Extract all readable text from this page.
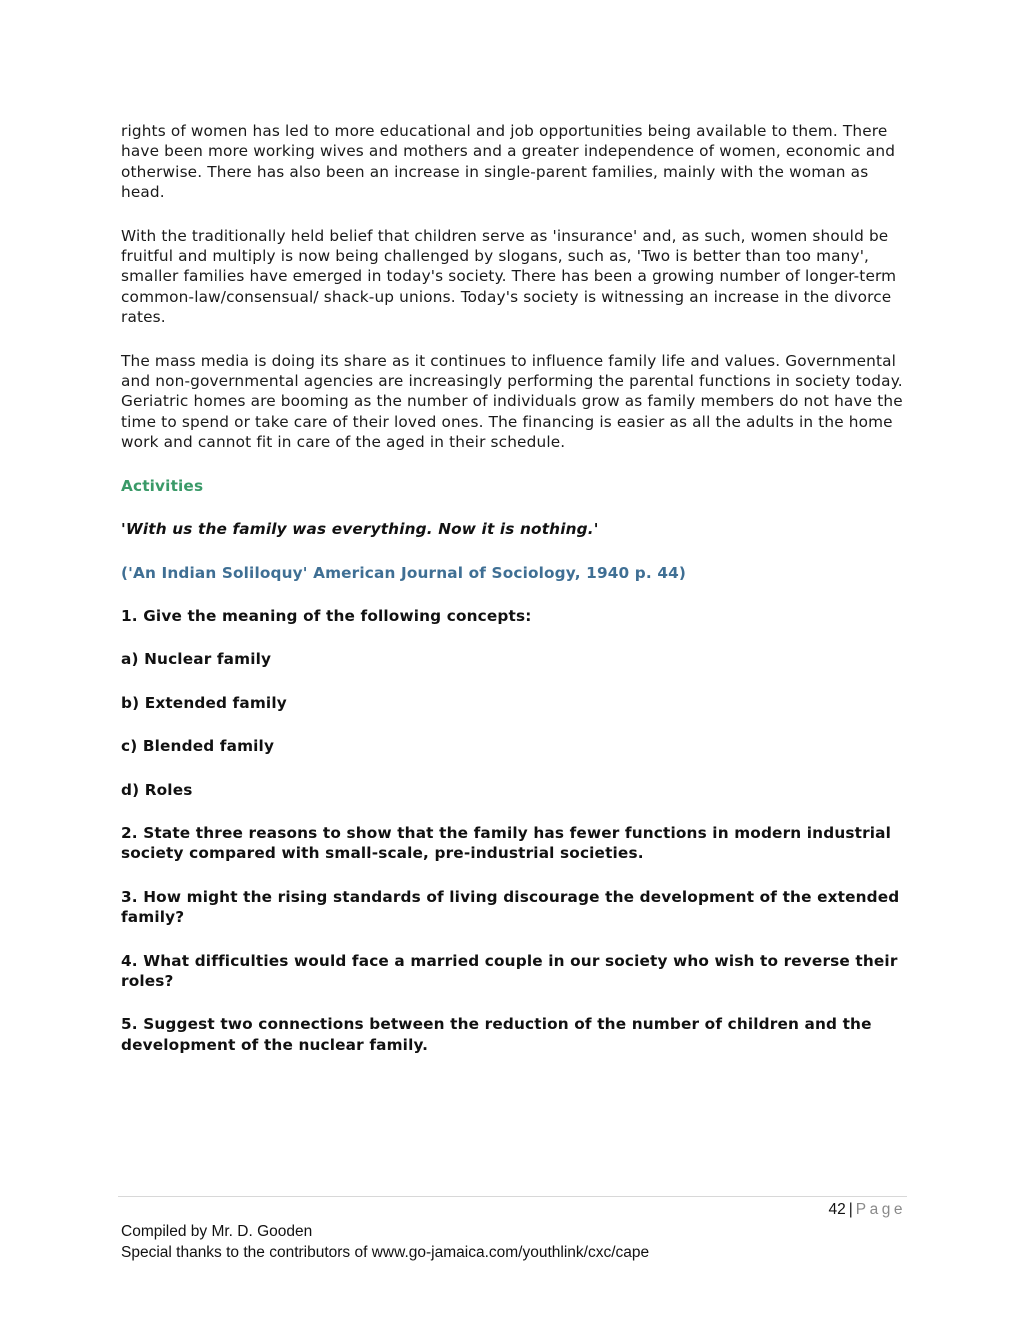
rights of women has led to more educational and job opportunities being available to them. There have been more working wives and mothers and a greater independence of women, economic and otherwise. There has also been an increase in single-parent families, mainly with the woman as head.

With the traditionally held belief that children serve as 'insurance' and, as such, women should be fruitful and multiply is now being challenged by slogans, such as, 'Two is better than too many', smaller families have emerged in today's society. There has been a growing number of longer-term common-law/consensual/ shack-up unions. Today's society is witnessing an increase in the divorce rates.

The mass media is doing its share as it continues to influence family life and values. Governmental and non-governmental agencies are increasingly performing the parental functions in society today. Geriatric homes are booming as the number of individuals grow as family members do not have the time to spend or take care of their loved ones. The financing is easier as all the adults in the home work and cannot fit in care of the aged in their schedule.

Activities

'With us the family was everything. Now it is nothing.'

('An Indian Soliloquy' American Journal of Sociology, 1940 p. 44)

1. Give the meaning of the following concepts:

a) Nuclear family

b) Extended family

c) Blended family

d) Roles

2. State three reasons to show that the family has fewer functions in modern industrial society compared with small-scale, pre-industrial societies.

3. How might the rising standards of living discourage the development of the extended family?

4. What difficulties would face a married couple in our society who wish to reverse their roles?

5. Suggest two connections between the reduction of the number of children and the development of the nuclear family.

42 | Page
Compiled by Mr. D. Gooden
Special thanks to the contributors of www.go-jamaica.com/youthlink/cxc/cape
